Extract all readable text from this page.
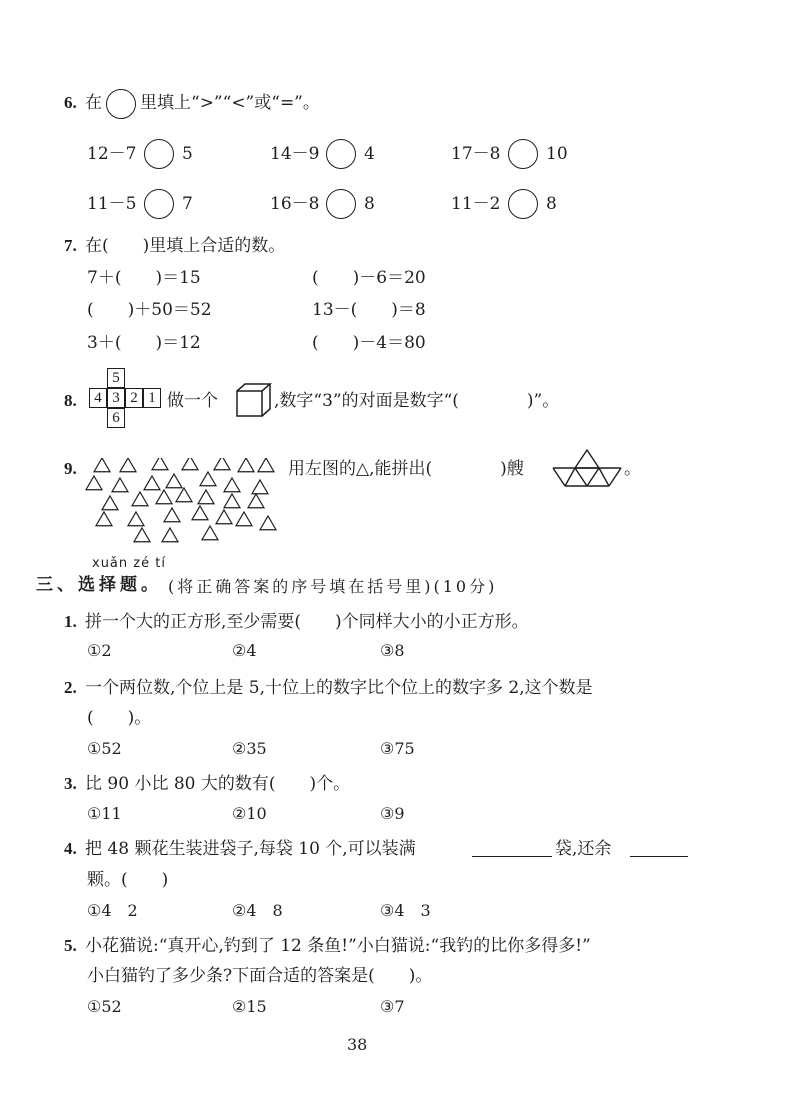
6. 在 里填上“>”“<”或“=”。
12－7	5	14－9	4	17－8	10
11－5	7	16－8	8	11－2	8
7. 在(　　)里填上合适的数。
7＋(　　)＝15	(　　)－6＝20
(　　)＋50＝52	13－(　　)＝8
3＋(　　)＝12	(　　)－4＝80
8.
5
4 3 2 1
6
做一个	,数字“3”的对面是数字“(　　　　)”。
9.	用左图的△,能拼出(　　　　)艘	。
xuǎn zé tí
三、选择题。 (将正确答案的序号填在括号里)(10分)
1. 拼一个大的正方形,至少需要(　　)个同样大小的小正方形。
①2	②4	③8
2. 一个两位数,个位上是 5,十位上的数字比个位上的数字多 2,这个数是
(　　)。
①52	②35	③75
3. 比 90 小比 80 大的数有(　　)个。
①11	②10	③9
4. 把 48 颗花生装进袋子,每袋 10 个,可以装满	袋,还余
颗。(　　)
①4　2	②4　8	③4　3
5. 小花猫说:“真开心,钓到了 12 条鱼!”小白猫说:“我钓的比你多得多!”
小白猫钓了多少条?下面合适的答案是(　　)。
①52	②15	③7
38
